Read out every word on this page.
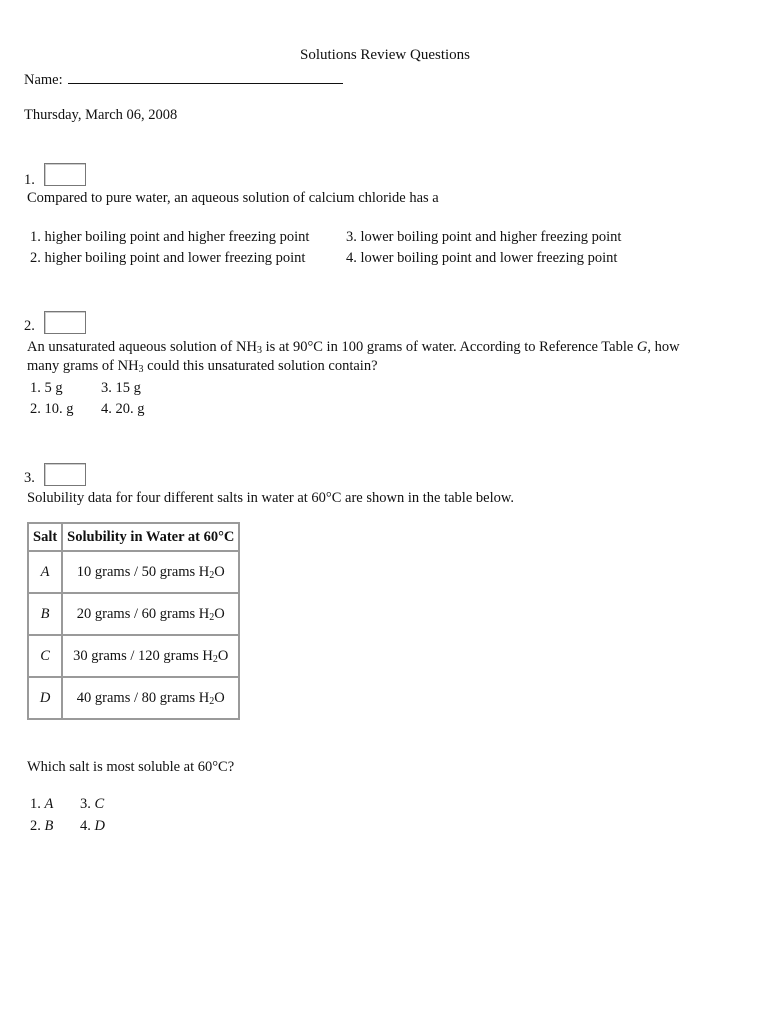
Solutions Review Questions
Name:
Thursday, March 06, 2008
1.
Compared to pure water, an aqueous solution of calcium chloride has a
1. higher boiling point and higher freezing point
2. higher boiling point and lower freezing point
3. lower boiling point and higher freezing point
4. lower boiling point and lower freezing point
2.
An unsaturated aqueous solution of $NH_3$ is at 90°C in 100 grams of water. According to Reference Table G, how
many grams of $NH_3$ could this unsaturated solution contain?
1. 5 g
2. 10. g
3. 15 g
4. 20. g
3.
Solubility data for four different salts in water at 60°C are shown in the table below.
Salt	Solubility in Water at 60°C
A	10 grams / 50 grams $H_2O$
B	20 grams / 60 grams $H_2O$
C	30 grams / 120 grams $H_2O$
D	40 grams / 80 grams $H_2O$
Which salt is most soluble at 60°C?
1. A
2. B
3. C
4. D
